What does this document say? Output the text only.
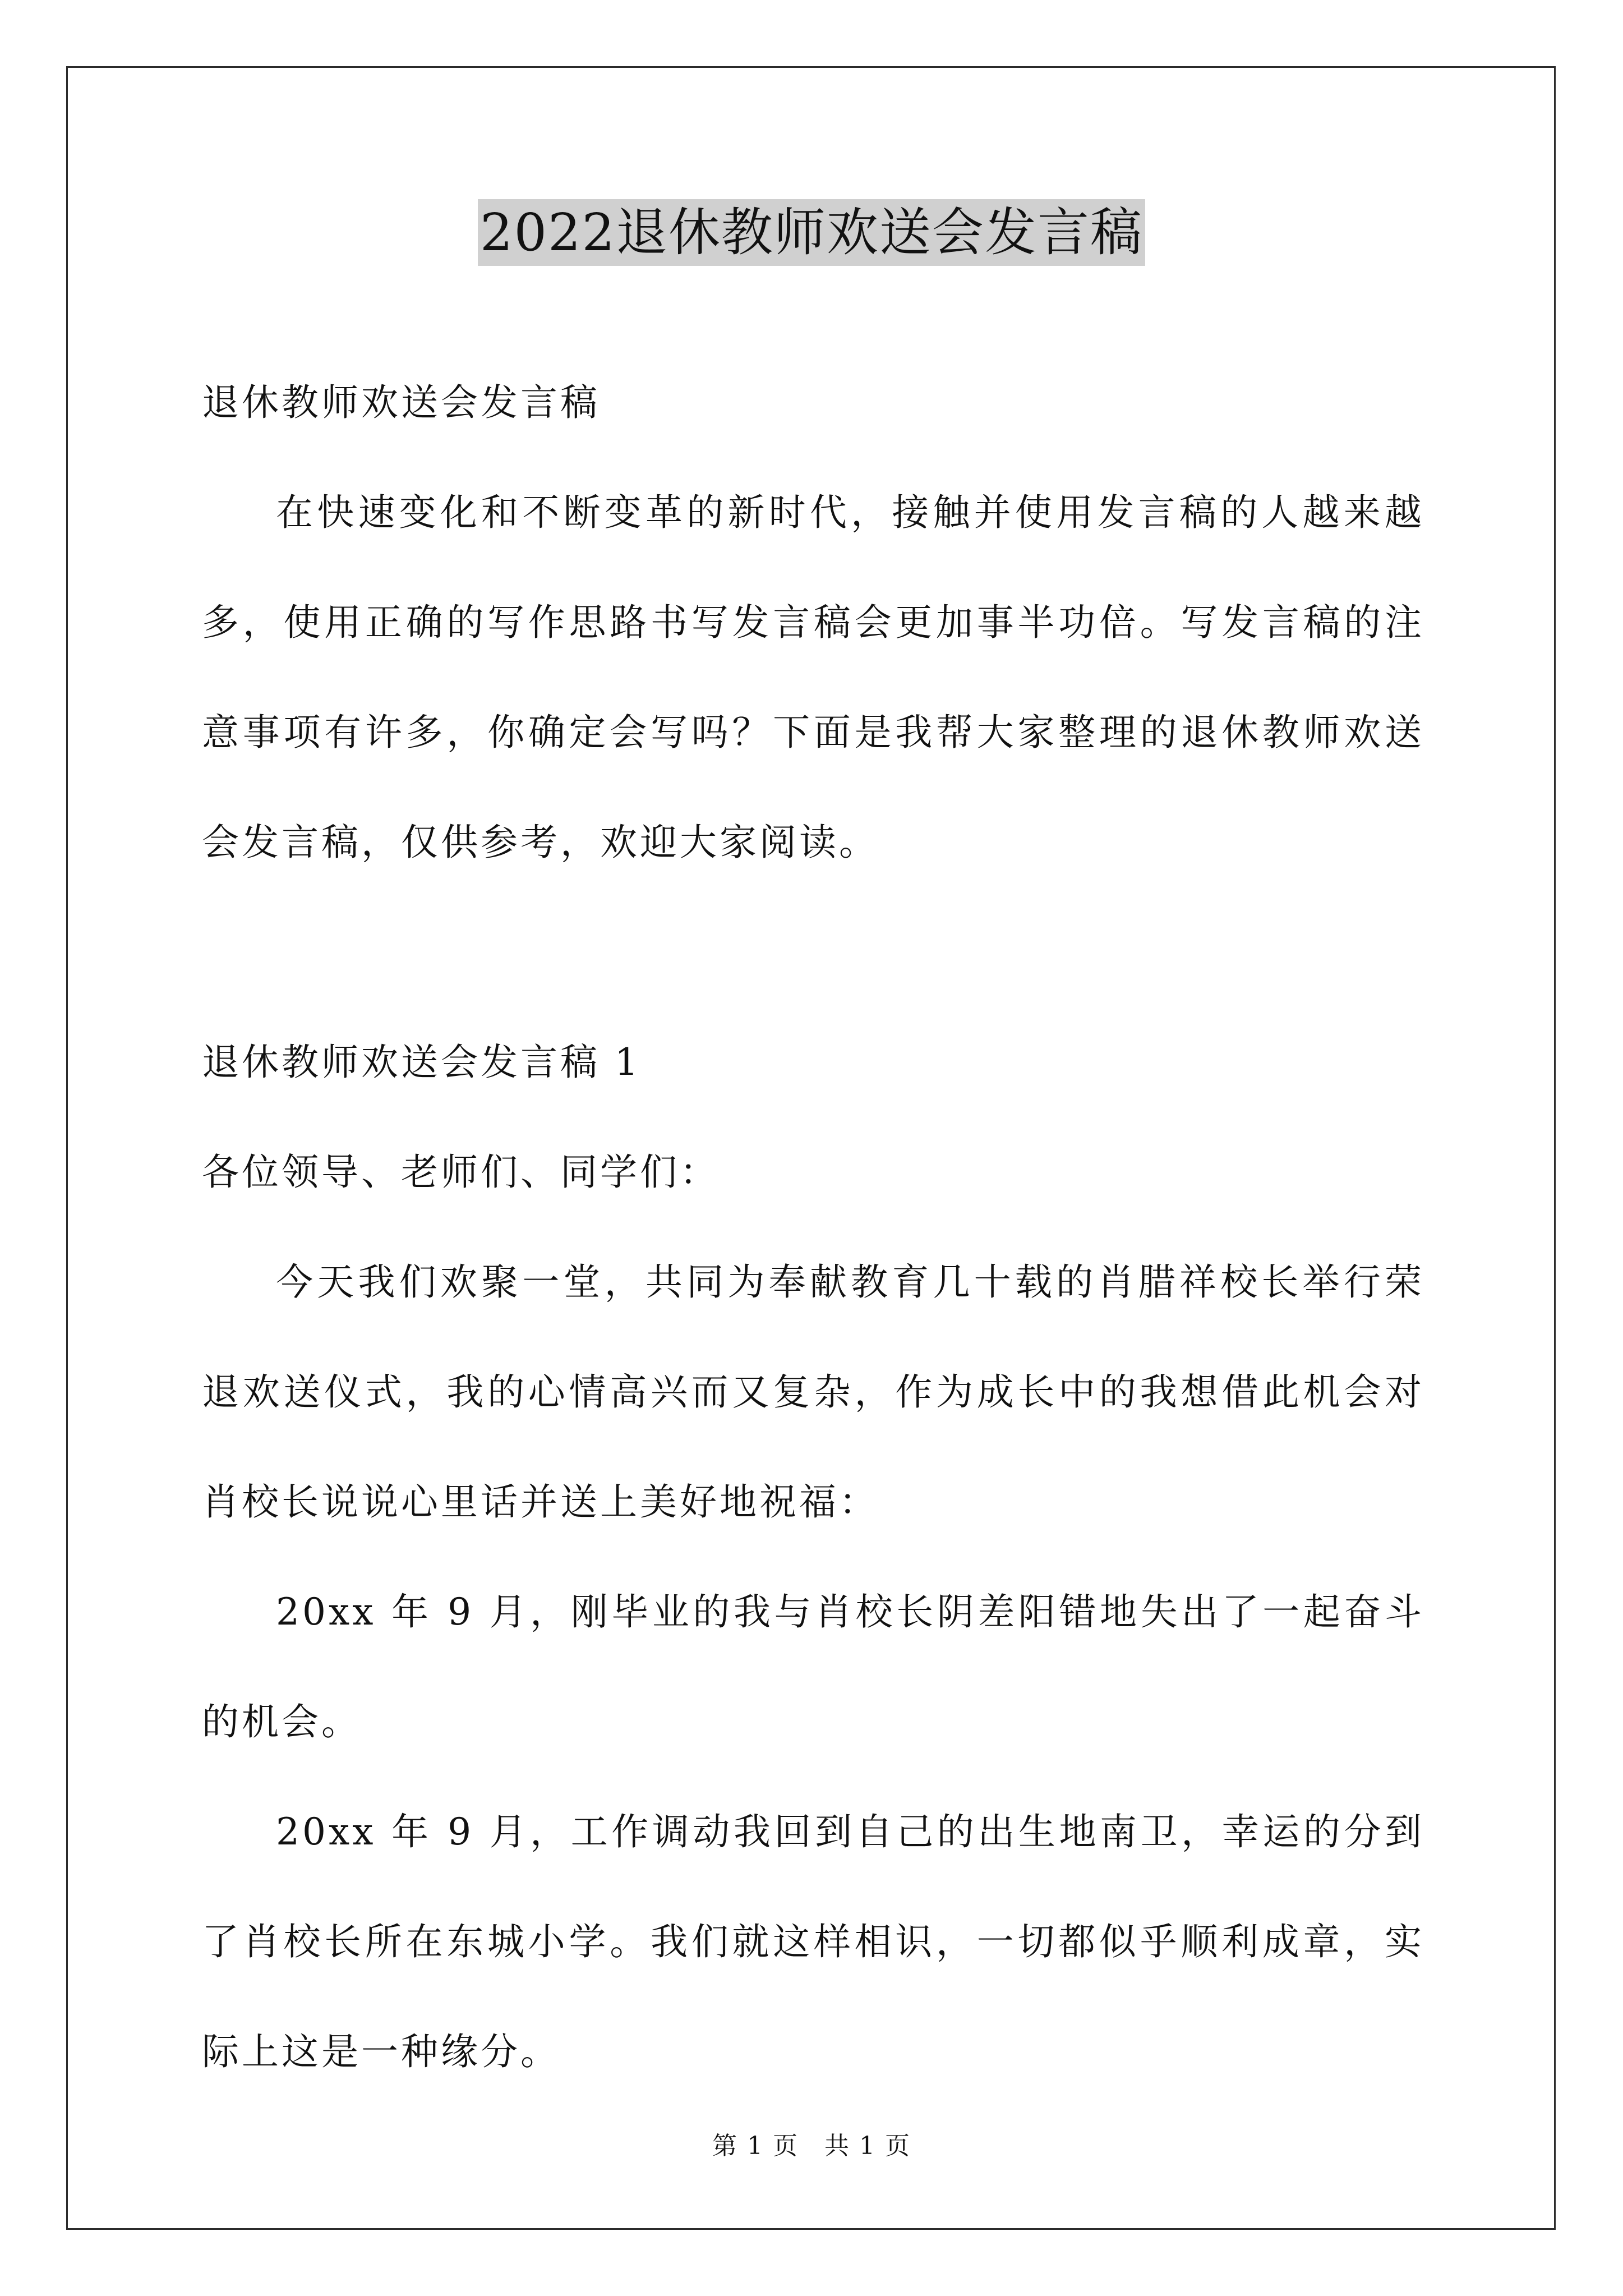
2022退休教师欢送会发言稿

退休教师欢送会发言稿

在快速变化和不断变革的新时代，接触并使用发言稿的人越来越多，使用正确的写作思路书写发言稿会更加事半功倍。写发言稿的注意事项有许多，你确定会写吗？下面是我帮大家整理的退休教师欢送会发言稿，仅供参考，欢迎大家阅读。

退休教师欢送会发言稿 1

各位领导、老师们、同学们：

今天我们欢聚一堂，共同为奉献教育几十载的肖腊祥校长举行荣退欢送仪式，我的心情高兴而又复杂，作为成长中的我想借此机会对肖校长说说心里话并送上美好地祝福：

20xx 年 9 月，刚毕业的我与肖校长阴差阳错地失出了一起奋斗的机会。

20xx 年 9 月，工作调动我回到自己的出生地南卫，幸运的分到了肖校长所在东城小学。我们就这样相识，一切都似乎顺利成章，实际上这是一种缘分。

第 1 页　共 1 页
